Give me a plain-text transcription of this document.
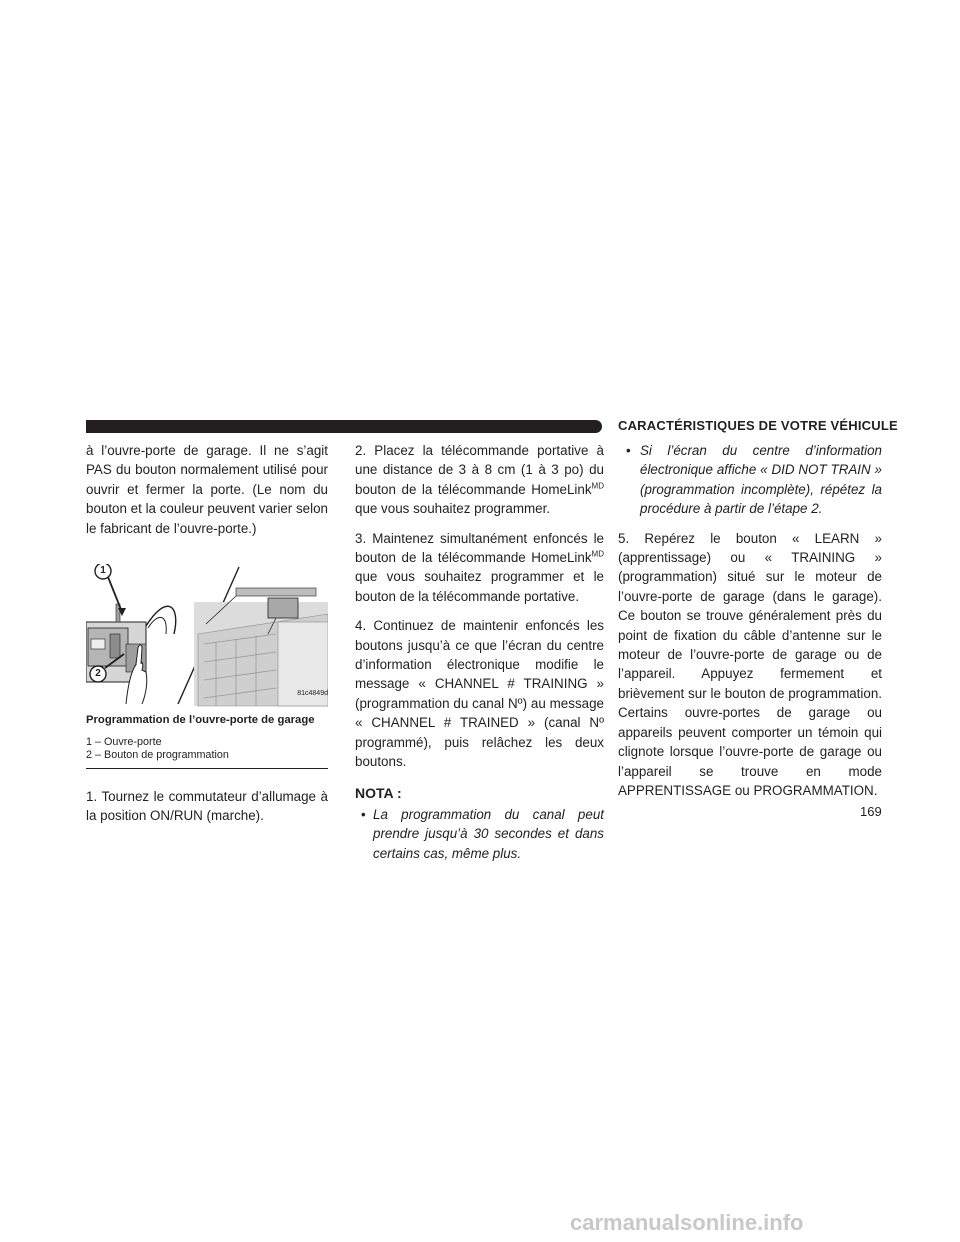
CARACTÉRISTIQUES DE VOTRE VÉHICULE

à l’ouvre-porte de garage. Il ne s’agit PAS du bouton normalement utilisé pour ouvrir et fermer la porte. (Le nom du bouton et la couleur peuvent varier selon le fabricant de l’ouvre-porte.)

1
2
81c4849d
Programmation de l’ouvre-porte de garage
1 – Ouvre-porte
2 – Bouton de programmation

1. Tournez le commutateur d’allumage à la position ON/RUN (marche).

2. Placez la télécommande portative à une distance de 3 à 8 cm (1 à 3 po) du bouton de la télécommande HomeLink$^{MD}$ que vous souhaitez programmer.

3. Maintenez simultanément enfoncés le bouton de la télécommande HomeLink$^{MD}$ que vous souhaitez programmer et le bouton de la télécommande portative.

4. Continuez de maintenir enfoncés les boutons jusqu’à ce que l’écran du centre d’information électronique modifie le message « CHANNEL # TRAINING » (programmation du canal Nº) au message « CHANNEL # TRAINED » (canal Nº programmé), puis relâchez les deux boutons.

NOTA :

• La programmation du canal peut prendre jusqu’à 30 secondes et dans certains cas, même plus.

• Si l’écran du centre d’information électronique affiche « DID NOT TRAIN » (programmation incomplète), répétez la procédure à partir de l’étape 2.

5. Repérez le bouton « LEARN » (apprentissage) ou « TRAINING » (programmation) situé sur le moteur de l’ouvre-porte de garage (dans le garage). Ce bouton se trouve généralement près du point de fixation du câble d’antenne sur le moteur de l’ouvre-porte de garage ou de l’appareil. Appuyez fermement et brièvement sur le bouton de programmation. Certains ouvre-portes de garage ou appareils peuvent comporter un témoin qui clignote lorsque l’ouvre-porte de garage ou l’appareil se trouve en mode APPRENTISSAGE ou PROGRAMMATION.

169
carmanualsonline.info
